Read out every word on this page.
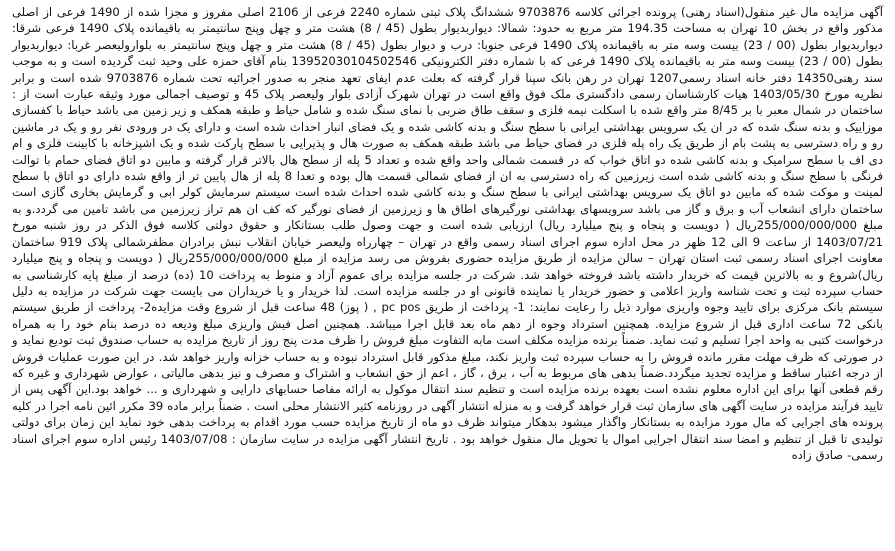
آگهی مزایده مال غیر منقول(اسناد رهنی) پرونده اجرائی کلاسه 9703876 ششدانگ پلاک ثبتی شماره 2240 فرعی از 2106 اصلی مفروز و مجزا شده از 1490 فرعی از اصلی مذکور واقع در بخش 10 تهران به مساحت 194.35 متر مربع به حدود: شمالا: دیواربدیوار بطول (45 / 8) هشت متر و چهل وپنج سانتیمتر به باقیمانده پلاک 1490 فرعی شرقا: دیواربدیوار بطول (00 / 23) بیست وسه متر به باقیمانده پلاک 1490 فرعی جنوبا: درب و دیوار بطول (45 / 8) هشت متر و چهل وپنج سانتیمتر به بلواروليعصر غربا: دیواربدیوار بطول (00 / 23) بیست وسه متر به باقیمانده پلاک 1490 فرعی که با شماره دفتر الکترونیکی 13952030104502546 بنام آقای حمزه علی وحید ثبت گردیده است و به موجب سند رهنی14350 دفتر خانه اسناد رسمی1207 تهران در رهن بانک سپنا قرار گرفته که بعلت عدم ایفای تعهد منجر به صدور اجرائیه تحت شماره 9703876 شده است و برابر نظریه مورخ 1403/05/30 هیات کارشناسان رسمی دادگستری ملک فوق واقع است در تهران شهرک آزادی بلوار ولیعصر پلاک 45 و توصیف اجمالی مورد وثیقه عبارت است از : ساختمان در شمال معبر با بر 8/45 متر واقع شده با اسکلت نیمه فلزی و سقف طاق ضربی با نمای سنگ شده و شامل حیاط و طبقه همکف و زیر زمین می باشد حیاط با کفسازی موزاییک و بدنه سنگ شده که در ان یک سرویس بهداشتی ایرانی با سطح سنگ و بدنه کاشی شده و یک فضای انبار احداث شده است و دارای یک در ورودی نفر رو و یک در ماشین رو و راه دسترسی به پشت بام از طریق یک راه پله فلزی در فضای حیاط می باشد طبقه همکف به صورت هال و پذیرایی با سطح پارکت شده و یک اشپزخانه با کابینت فلزی و ام دی اف با سطح سرامیک و بدنه کاشی شده دو اتاق خواب که در قسمت شمالی واحد واقع شده و تعداد 5 پله از سطح هال بالاتر قرار گرفته و مابین دو اتاق فضای حمام با توالت فرنگی با سطح سنگ و بدنه کاشی شده است زیرزمین که راه دسترسی به ان از فضای شمالی قسمت هال بوده و تعدا 8 پله از هال پایین تر از واقع شده دارای دو اتاق با سطح لمینت و موکت شده که مابین دو اتاق یک سرویس بهداشتی ایرانی با سطح سنگ و بدنه کاشی شده احداث شده است سیستم سرمایش کولر ابی و گرمایش بخاری گازی است ساختمان دارای انشعاب آب و برق و گاز می باشد سرویسهای بهداشتی نورگیرهای اطاق ها و زیرزمین از فضای نورگیر که کف ان هم تراز زیرزمین می باشد تامین می گردد.و به مبلغ 255/000/000/000ریال ( دویست و پنجاه و پنج میلیارد ریال) ارزیابی شده است و جهت وصول طلب بستانکار و حقوق دولتی کلاسه فوق الذکر در روز شنبه مورخ 1403/07/21 از ساعت 9 الی 12 ظهر در محل اداره سوم اجرای اسناد رسمی واقع در تهران – چهارراه ولیعصر خیابان انقلاب نبش برادران مظفرشمالی پلاک 919 ساختمان معاونت اجرای اسناد رسمی ثبت استان تهران – سالن مزایده از طریق مزایده حضوری بفروش می رسد مزایده از مبلغ 255/000/000/000ریال ( دویست و پنجاه و پنج میلیارد ریال)شروع و به بالاترین قیمت که خریدار داشته باشد فروخته خواهد شد. شرکت در جلسه مزایده برای عموم آزاد و منوط به پرداخت 10 (ده) درصد از مبلغ پایه کارشناسی به حساب سپرده ثبت و تحت شناسه واریز اعلامی و حضور خریدار یا نماینده قانونی او در جلسه مزایده است. لذا خریدار و یا خریداران می بایست جهت شرکت در مزایده به دلیل سیستم بانک مرکزی برای تایید وجوه واریزی موارد ذیل را رعایت نمایند: 1- پرداخت از طریق pc pos , ( پوز) 48 ساعت قبل از شروع وقت مزایده2- پرداخت از طریق سیستم بانکی 72 ساعت اداری قبل از شروع مزایده. همچنین استرداد وجوه از دهم ماه بعد قابل اجرا میباشد. همچنین اصل فیش واریزی مبلغ ودیعه ده درصد بنام خود را به همراه درخواست کتبی به واحد اجرا تسلیم و ثبت نماید. ضمناً برنده مزایده مکلف است مابه التفاوت مبلغ فروش را ظرف مدت پنج روز از تاریخ مزایده به حساب صندوق ثبت تودیع نماید و در صورتی که ظرف مهلت مقرر مانده فروش را به حساب سپرده ثبت واریز نکند، مبلغ مذکور قابل استرداد نبوده و به حساب خزانه واریز خواهد شد. در این صورت عملیات فروش از درجه اعتبار ساقط و مزایده تجدید میگردد.ضمناً بدهی های مربوط به آب ، برق ، گاز ، اعم از حق انشعاب و اشتراک و مصرف و نیز بدهی مالیاتی ، عوارض شهرداری و غیره که رقم قطعی آنها برای این اداره معلوم نشده است بعهده برنده مزایده است و تنظیم سند انتقال موکول به ارائه مفاصا حسابهای دارایی و شهرداری و ... خواهد بود.این آگهی پس از تایید فرآیند مزایده در سایت آگهی های سازمان ثبت قرار خواهد گرفت و به منزله انتشار آگهی در روزنامه کثیر الانتشار محلی است . ضمناً برابر ماده 39 مکرر ائین نامه اجرا در کلیه پرونده های اجرایی که مال مورد مزایده به بستانکار واگذار میشود بدهکار میتواند ظرف دو ماه از تاریخ مزایده حسب مورد اقدام به پرداخت بدهی خود نماید این زمان برای دولتی تولیدی تا قبل از تنظیم و امضا سند انتقال اجرایی اموال یا تحویل مال منقول خواهد بود . تاریخ انتشار آگهی مزایده در سایت سازمان : 1403/07/08 رئیس اداره سوم اجرای اسناد رسمی- صادق زاده
